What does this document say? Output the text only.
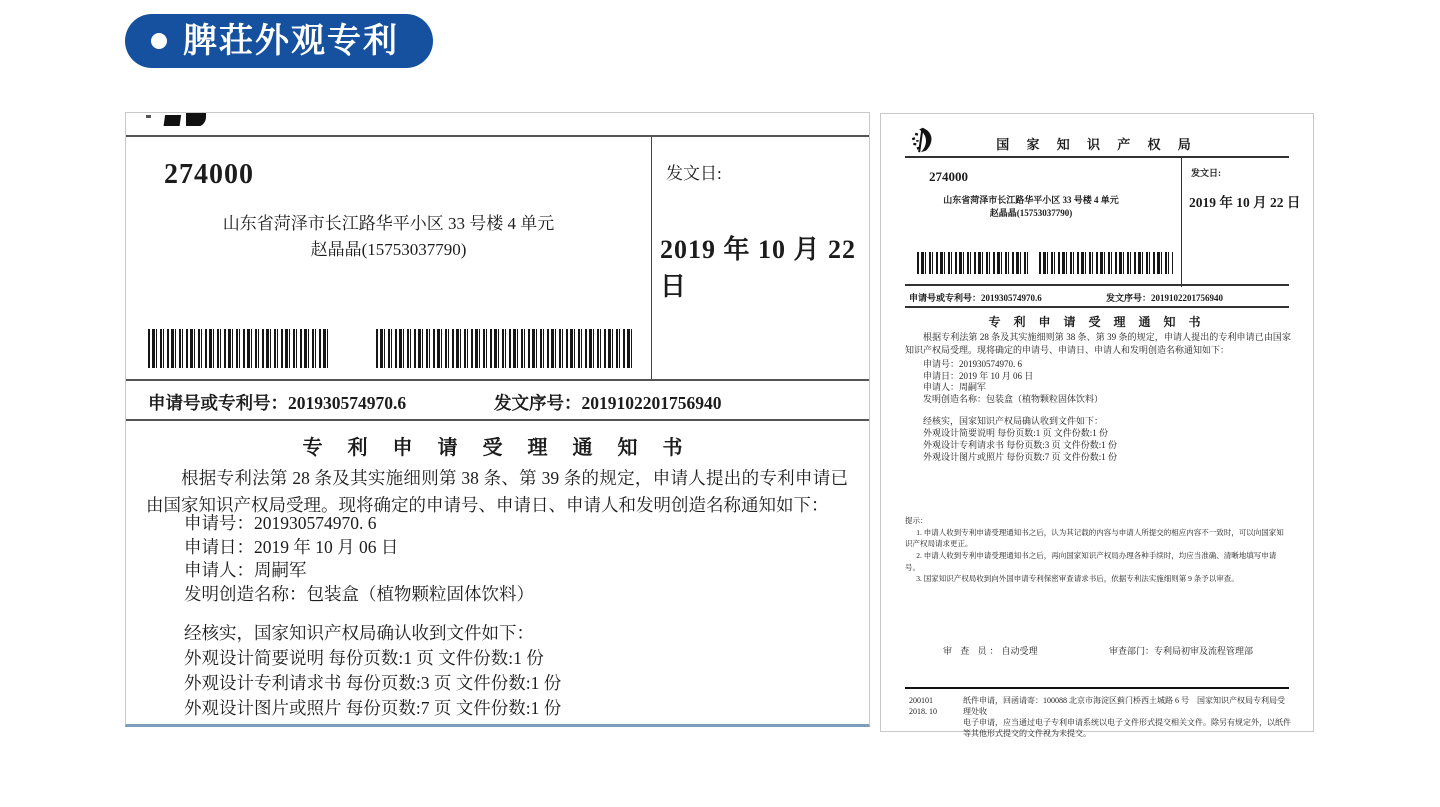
脾荘外观专利
274000
山东省菏泽市长江路华平小区 33 号楼 4 单元
赵晶晶(15753037790)
发文日:
2019 年 10 月 22 日
申请号或专利号：201930574970.6	发文序号：2019102201756940
专 利 申 请 受 理 通 知 书
根据专利法第 28 条及其实施细则第 38 条、第 39 条的规定，申请人提出的专利申请已由国家知识产权局受理。现将确定的申请号、申请日、申请人和发明创造名称通知如下：
申请号：201930574970. 6
申请日：2019 年 10 月 06 日
申请人：周嗣军
发明创造名称：包装盒（植物颗粒固体饮料）
经核实，国家知识产权局确认收到文件如下：
外观设计简要说明 每份页数:1 页 文件份数:1 份
外观设计专利请求书 每份页数:3 页 文件份数:1 份
外观设计图片或照片 每份页数:7 页 文件份数:1 份
国 家 知 识 产 权 局
274000
山东省菏泽市长江路华平小区 33 号楼 4 单元
赵晶晶(15753037790)
发文日:
2019 年 10 月 22 日
申请号或专利号：201930574970.6	发文序号：2019102201756940
专 利 申 请 受 理 通 知 书
根据专利法第 28 条及其实施细则第 38 条、第 39 条的规定，申请人提出的专利申请已由国家知识产权局受理。现将确定的申请号、申请日、申请人和发明创造名称通知如下：
申请号：201930574970. 6
申请日：2019 年 10 月 06 日
申请人：周嗣军
发明创造名称：包装盒（植物颗粒固体饮料）
经核实，国家知识产权局确认收到文件如下：
外观设计简要说明 每份页数:1 页 文件份数:1 份
外观设计专利请求书 每份页数:3 页 文件份数:1 份
外观设计图片或照片 每份页数:7 页 文件份数:1 份
提示：
1. 申请人收到专利申请受理通知书之后，认为其记载的内容与申请人所提交的相应内容不一致时，可以向国家知识产权局请求更正。
2. 申请人收到专利申请受理通知书之后，再向国家知识产权局办理各种手续时，均应当准确、清晰地填写申请号。
3. 国家知识产权局收到向外国申请专利保密审查请求书后，依据专利法实施细则第 9 条予以审查。
审 查 员：自动受理	审查部门：专利局初审及流程管理部
200101
2018. 10
纸件申请，回函请寄：100088 北京市海淀区蓟门桥西土城路 6 号　国家知识产权局专利局受理处收
电子申请，应当通过电子专利申请系统以电子文件形式提交相关文件。除另有规定外，以纸件等其他形式提交的文件视为未提交。
